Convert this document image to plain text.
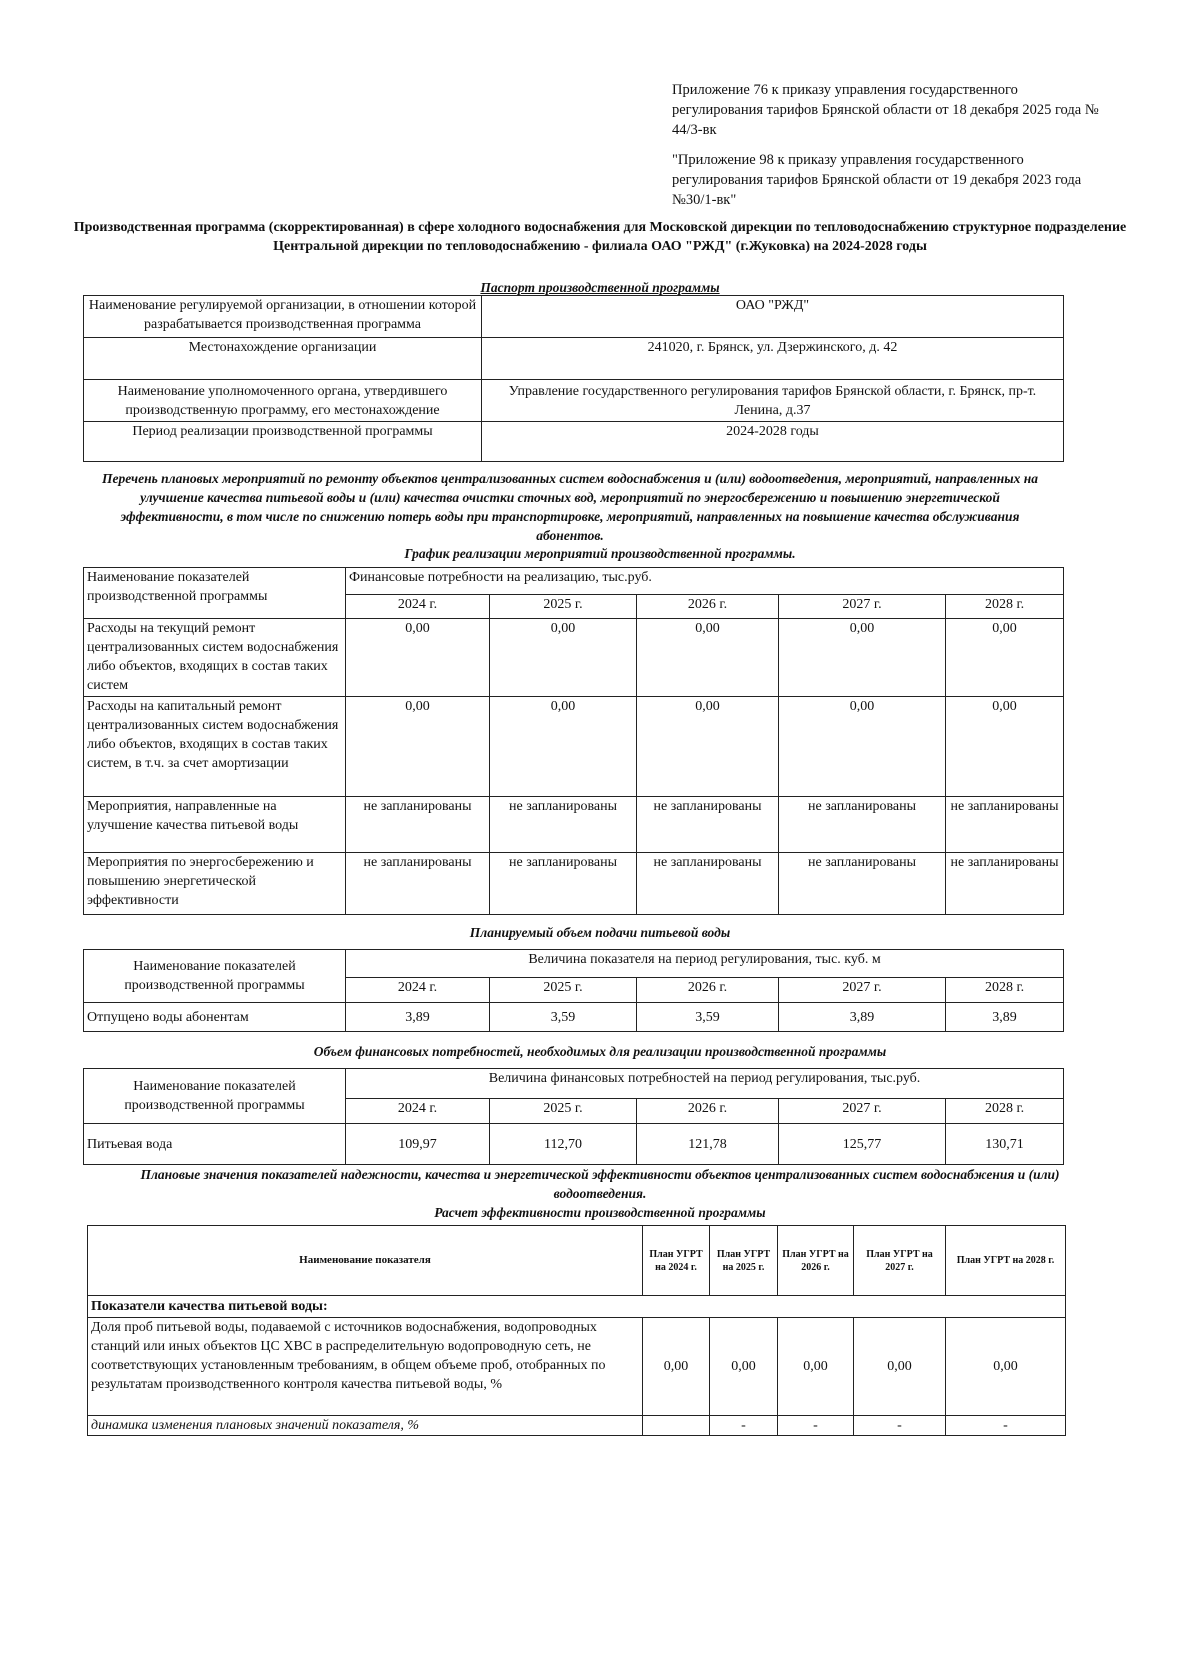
Приложение 76 к приказу управления государственного регулирования тарифов Брянской области от 18 декабря 2025 года № 44/3-вк
"Приложение 98 к приказу управления государственного регулирования тарифов Брянской области от 19 декабря 2023 года №30/1-вк"
Производственная программа (скорректированная) в сфере холодного водоснабжения для Московской дирекции по тепловодоснабжению структурное подразделение Центральной дирекции по тепловодоснабжению - филиала ОАО "РЖД" (г.Жуковка) на 2024-2028 годы
Паспорт производственной программы
Наименование регулируемой организации, в отношении которой разрабатывается производственная программа	ОАО "РЖД"
Местонахождение организации	241020, г. Брянск, ул. Дзержинского, д. 42
Наименование уполномоченного органа, утвердившего производственную программу, его местонахождение	Управление государственного регулирования тарифов Брянской области, г. Брянск, пр-т. Ленина, д.37
Период реализации производственной программы	2024-2028 годы
Перечень плановых мероприятий по ремонту объектов централизованных систем водоснабжения и (или) водоотведения, мероприятий, направленных на улучшение качества питьевой воды и (или) качества очистки сточных вод, мероприятий по энергосбережению и повышению энергетической эффективности, в том числе по снижению потерь воды при транспортировке, мероприятий, направленных на повышение качества обслуживания абонентов.
График реализации мероприятий производственной программы.
Наименование показателей производственной программы	Финансовые потребности на реализацию, тыс.руб.				
	2024 г.	2025 г.	2026 г.	2027 г.	2028 г.
Расходы на текущий ремонт централизованных систем водоснабжения либо объектов, входящих в состав таких систем	0,00	0,00	0,00	0,00	0,00
Расходы на капитальный ремонт централизованных систем водоснабжения либо объектов, входящих в состав таких систем, в т.ч. за счет амортизации	0,00	0,00	0,00	0,00	0,00
Мероприятия, направленные на улучшение качества питьевой воды	не запланированы	не запланированы	не запланированы	не запланированы	не запланированы
Мероприятия по энергосбережению и повышению энергетической эффективности	не запланированы	не запланированы	не запланированы	не запланированы	не запланированы
Планируемый объем подачи питьевой воды
Наименование показателей производственной программы	Величина показателя на период регулирования, тыс. куб. м				
	2024 г.	2025 г.	2026 г.	2027 г.	2028 г.
Отпущено воды абонентам	3,89	3,59	3,59	3,89	3,89
Объем финансовых потребностей, необходимых для реализации производственной программы
Наименование показателей производственной программы	Величина финансовых потребностей на период регулирования, тыс.руб.				
	2024 г.	2025 г.	2026 г.	2027 г.	2028 г.
Питьевая вода	109,97	112,70	121,78	125,77	130,71
Плановые значения показателей надежности, качества и энергетической эффективности объектов централизованных систем водоснабжения и (или) водоотведения.
Расчет эффективности производственной программы
Наименование показателя	План УГРТ на 2024 г.	План УГРТ на 2025 г.	План УГРТ на 2026 г.	План УГРТ на 2027 г.	План УГРТ на 2028 г.
Показатели качества питьевой воды:					
Доля проб питьевой воды, подаваемой с источников водоснабжения, водопроводных станций или иных объектов ЦС ХВС в распределительную водопроводную сеть, не соответствующих установленным требованиям, в общем объеме проб, отобранных по результатам производственного контроля качества питьевой воды, %	0,00	0,00	0,00	0,00	0,00
динамика изменения плановых значений показателя, %		-	-	-	-
